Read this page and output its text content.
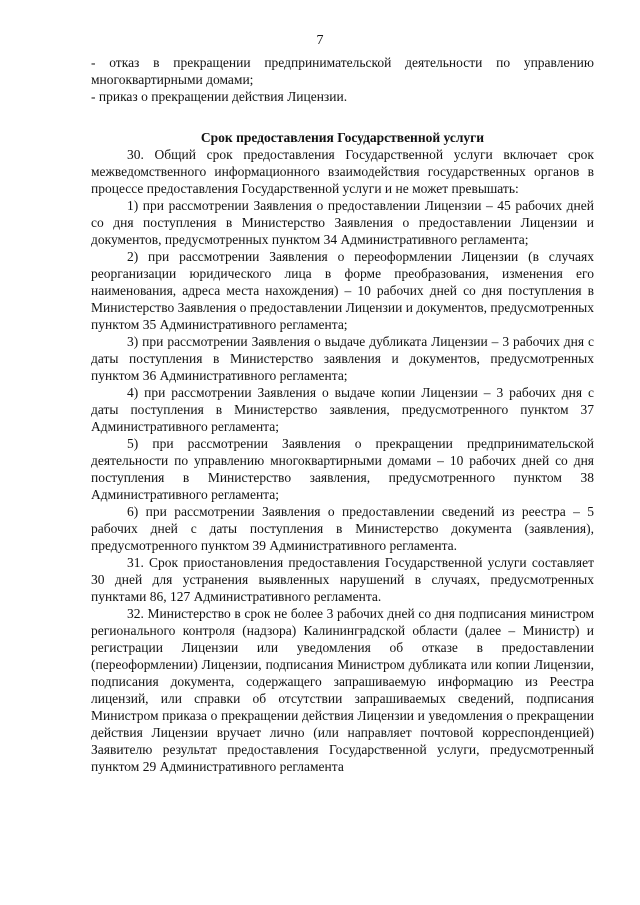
7

- отказ в прекращении предпринимательской деятельности по управлению многоквартирными домами;

- приказ о прекращении действия Лицензии.

Срок предоставления Государственной услуги

30. Общий срок предоставления Государственной услуги включает срок межведомственного информационного взаимодействия государственных органов в процессе предоставления Государственной услуги и не может превышать:

1) при рассмотрении Заявления о предоставлении Лицензии – 45 рабочих дней со дня поступления в Министерство Заявления о предоставлении Лицензии и документов, предусмотренных пунктом 34 Административного регламента;

2) при рассмотрении Заявления о переоформлении Лицензии (в случаях реорганизации юридического лица в форме преобразования, изменения его наименования, адреса места нахождения) – 10 рабочих дней со дня поступления в Министерство Заявления о предоставлении Лицензии и документов, предусмотренных пунктом 35 Административного регламента;

3) при рассмотрении Заявления о выдаче дубликата Лицензии – 3 рабочих дня с даты поступления в Министерство заявления и документов, предусмотренных пунктом 36 Административного регламента;

4) при рассмотрении Заявления о выдаче копии Лицензии – 3 рабочих дня с даты поступления в Министерство заявления, предусмотренного пунктом 37 Административного регламента;

5) при рассмотрении Заявления о прекращении предпринимательской деятельности по управлению многоквартирными домами – 10 рабочих дней со дня поступления в Министерство заявления, предусмотренного пунктом 38 Административного регламента;

6) при рассмотрении Заявления о предоставлении сведений из реестра – 5 рабочих дней с даты поступления в Министерство документа (заявления), предусмотренного пунктом 39 Административного регламента.

31. Срок приостановления предоставления Государственной услуги составляет 30 дней для устранения выявленных нарушений в случаях, предусмотренных пунктами 86, 127 Административного регламента.

32. Министерство в срок не более 3 рабочих дней со дня подписания министром регионального контроля (надзора) Калининградской области (далее – Министр) и регистрации Лицензии или уведомления об отказе в предоставлении (переоформлении) Лицензии, подписания Министром дубликата или копии Лицензии, подписания документа, содержащего запрашиваемую информацию из Реестра лицензий, или справки об отсутствии запрашиваемых сведений, подписания Министром приказа о прекращении действия Лицензии и уведомления о прекращении действия Лицензии вручает лично (или направляет почтовой корреспонденцией) Заявителю результат предоставления Государственной услуги, предусмотренный пунктом 29 Административного регламента
